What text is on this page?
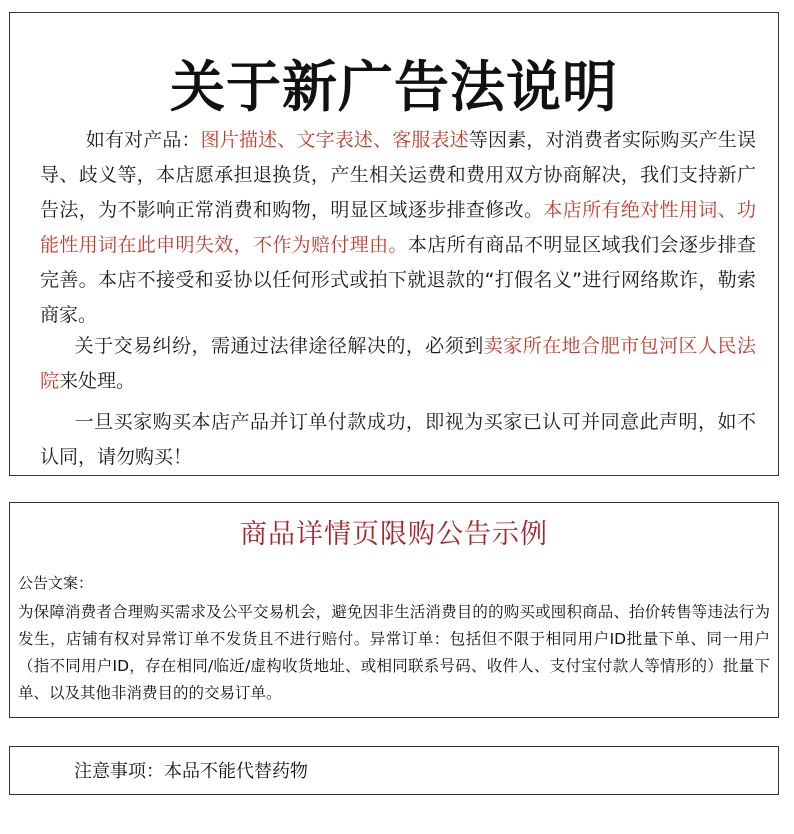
关于新广告法说明
如有对产品：图片描述、文字表述、客服表述等因素，对消费者实际购买产生误导、歧义等，本店愿承担退换货，产生相关运费和费用双方协商解决，我们支持新广告法，为不影响正常消费和购物，明显区域逐步排查修改。本店所有绝对性用词、功能性用词在此申明失效，不作为赔付理由。本店所有商品不明显区域我们会逐步排查完善。本店不接受和妥协以任何形式或拍下就退款的“打假名义”进行网络欺诈，勒索商家。
关于交易纠纷，需通过法律途径解决的，必须到卖家所在地合肥市包河区人民法院来处理。
一旦买家购买本店产品并订单付款成功，即视为买家已认可并同意此声明，如不认同，请勿购买！
商品详情页限购公告示例
公告文案：
为保障消费者合理购买需求及公平交易机会，避免因非生活消费目的的购买或囤积商品、抬价转售等违法行为发生，店铺有权对异常订单不发货且不进行赔付。异常订单：包括但不限于相同用户ID批量下单、同一用户（指不同用户ID，存在相同/临近/虚构收货地址、或相同联系号码、收件人、支付宝付款人等情形的）批量下单、以及其他非消费目的的交易订单。
注意事项：本品不能代替药物
